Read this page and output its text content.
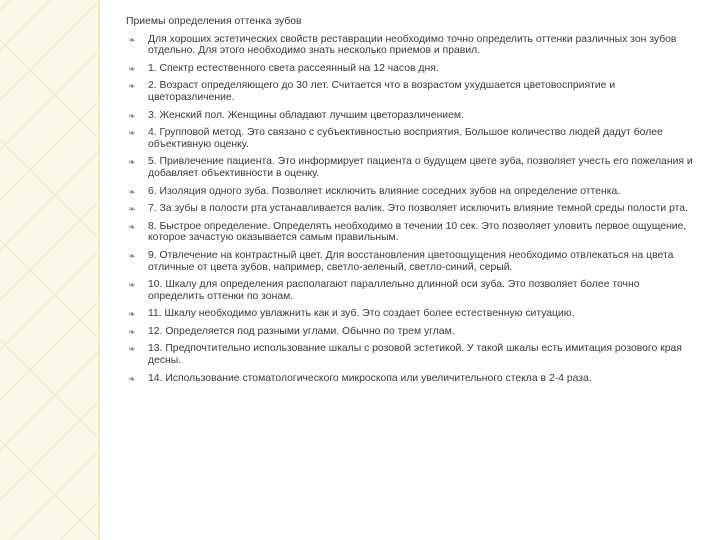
Приемы определения оттенка зубов
❧ Для хороших эстетических свойств реставрации необходимо точно определить оттенки различных зон зубов отдельно. Для этого необходимо знать несколько приемов и правил.
❧ 1. Спектр естественного света рассеянный на 12 часов дня.
❧ 2. Возраст определяющего до 30 лет. Считается что в возрастом ухудшается цветовосприятие и цветоразличение.
❧ 3. Женский пол. Женщины обладают лучшим цветоразличением.
❧ 4. Групповой метод. Это связано с субъективностью восприятия. Большое количество людей дадут более объективную оценку.
❧ 5. Привлечение пациента. Это информирует пациента о будущем цвете зуба, позволяет учесть его пожелания и добавляет объективности в оценку.
❧ 6. Изоляция одного зуба. Позволяет исключить влияние соседних зубов на определение оттенка.
❧ 7. За зубы в полости рта устанавливается валик. Это позволяет исключить влияние темной среды полости рта.
❧ 8. Быстрое определение. Определять необходимо в течении 10 сек. Это позволяет уловить первое ощущение, которое зачастую оказывается самым правильным.
❧ 9. Отвлечение на контрастный цвет. Для восстановления цветоощущения необходимо отвлекаться на цвета отличные от цвета зубов, например, светло-зеленый, светло-синий, серый.
❧ 10. Шкалу для определения располагают параллельно длинной оси зуба. Это позволяет более точно определить оттенки по зонам.
❧ 11. Шкалу необходимо увлажнить как и зуб. Это создает более естественную ситуацию.
❧ 12. Определяется под разными углами. Обычно по трем углам.
❧ 13. Предпочтительно использование шкалы с розовой эстетикой. У такой шкалы есть имитация розового края десны.
❧ 14. Использование стоматологического микроскопа или увеличительного стекла в 2-4 раза.
